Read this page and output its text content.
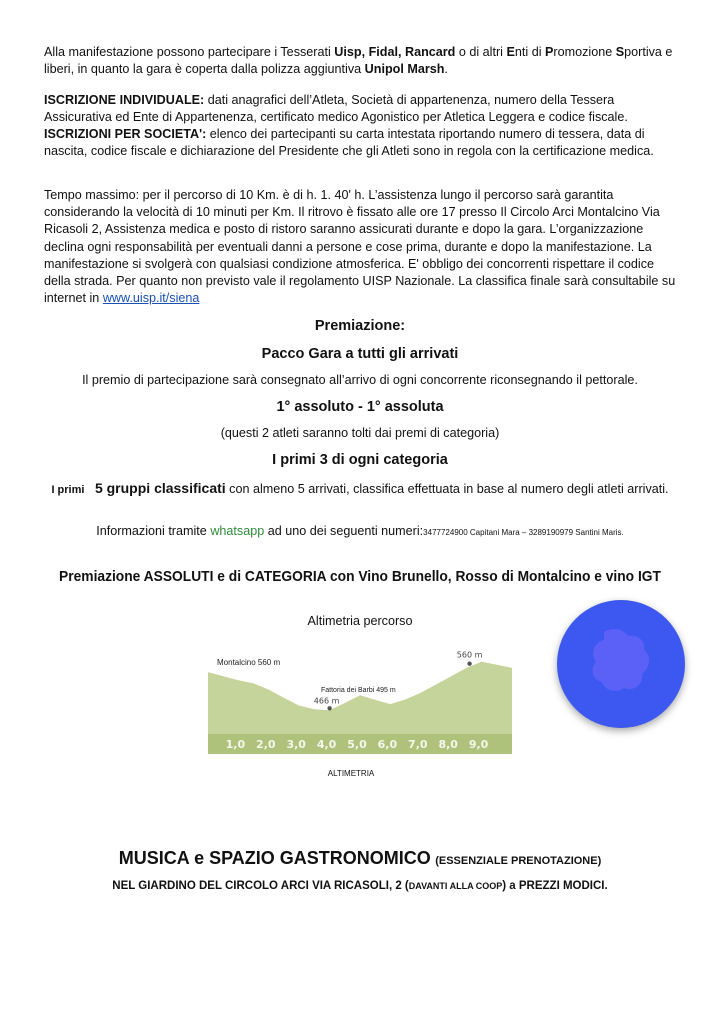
Alla manifestazione possono partecipare i Tesserati Uisp, Fidal, Rancard o di altri Enti di Promozione Sportiva e liberi, in quanto la gara è coperta dalla polizza aggiuntiva Unipol Marsh.

ISCRIZIONE INDIVIDUALE: dati anagrafici dell’Atleta, Società di appartenenza, numero della Tessera Assicurativa ed Ente di Appartenenza, certificato medico Agonistico per Atletica Leggera e codice fiscale.

ISCRIZIONI PER SOCIETA': elenco dei partecipanti su carta intestata riportando numero di tessera, data di nascita, codice fiscale e dichiarazione del Presidente che gli Atleti sono in regola con la certificazione medica.

Tempo massimo: per il percorso di 10 Km. è di h. 1. 40' h. L’assistenza lungo il percorso sarà garantita considerando la velocità di 10 minuti per Km. Il ritrovo è fissato alle ore 17 presso Il Circolo Arci Montalcino Via Ricasoli 2, Assistenza medica e posto di ristoro saranno assicurati durante e dopo la gara. L’organizzazione declina ogni responsabilità per eventuali danni a persone e cose prima, durante e dopo la manifestazione. La manifestazione si svolgerà con qualsiasi condizione atmosferica. E' obbligo dei concorrenti rispettare il codice della strada. Per quanto non previsto vale il regolamento UISP Nazionale. La classifica finale sarà consultabile su internet in www.uisp.it/siena

Premiazione:

Pacco Gara a tutti gli arrivati

Il premio di partecipazione sarà consegnato all’arrivo di ogni concorrente riconsegnando il pettorale.

1° assoluto - 1° assoluta

(questi 2 atleti saranno tolti dai premi di categoria)

I primi 3 di ogni categoria

I primi 5 gruppi classificati con almeno 5 arrivati, classifica effettuata in base al numero degli atleti arrivati.

Informazioni tramite whatsapp ad uno dei seguenti numeri:3477724900 Capitani Mara – 3289190979 Santini Maris.

Premiazione ASSOLUTI e di CATEGORIA con Vino Brunello, Rosso di Montalcino e vino IGT

Altimetria percorso
1,0 2,0 3,0 4,0 5,0 6,0 7,0 8,0 9,0
Montalcino 560 m
Fattoria dei Barbi 495 m
466 m
560 m
ALTIMETRIA

MUSICA e SPAZIO GASTRONOMICO (ESSENZIALE PRENOTAZIONE)

NEL GIARDINO DEL CIRCOLO ARCI VIA RICASOLI, 2 (DAVANTI ALLA COOP) a PREZZI MODICI.
